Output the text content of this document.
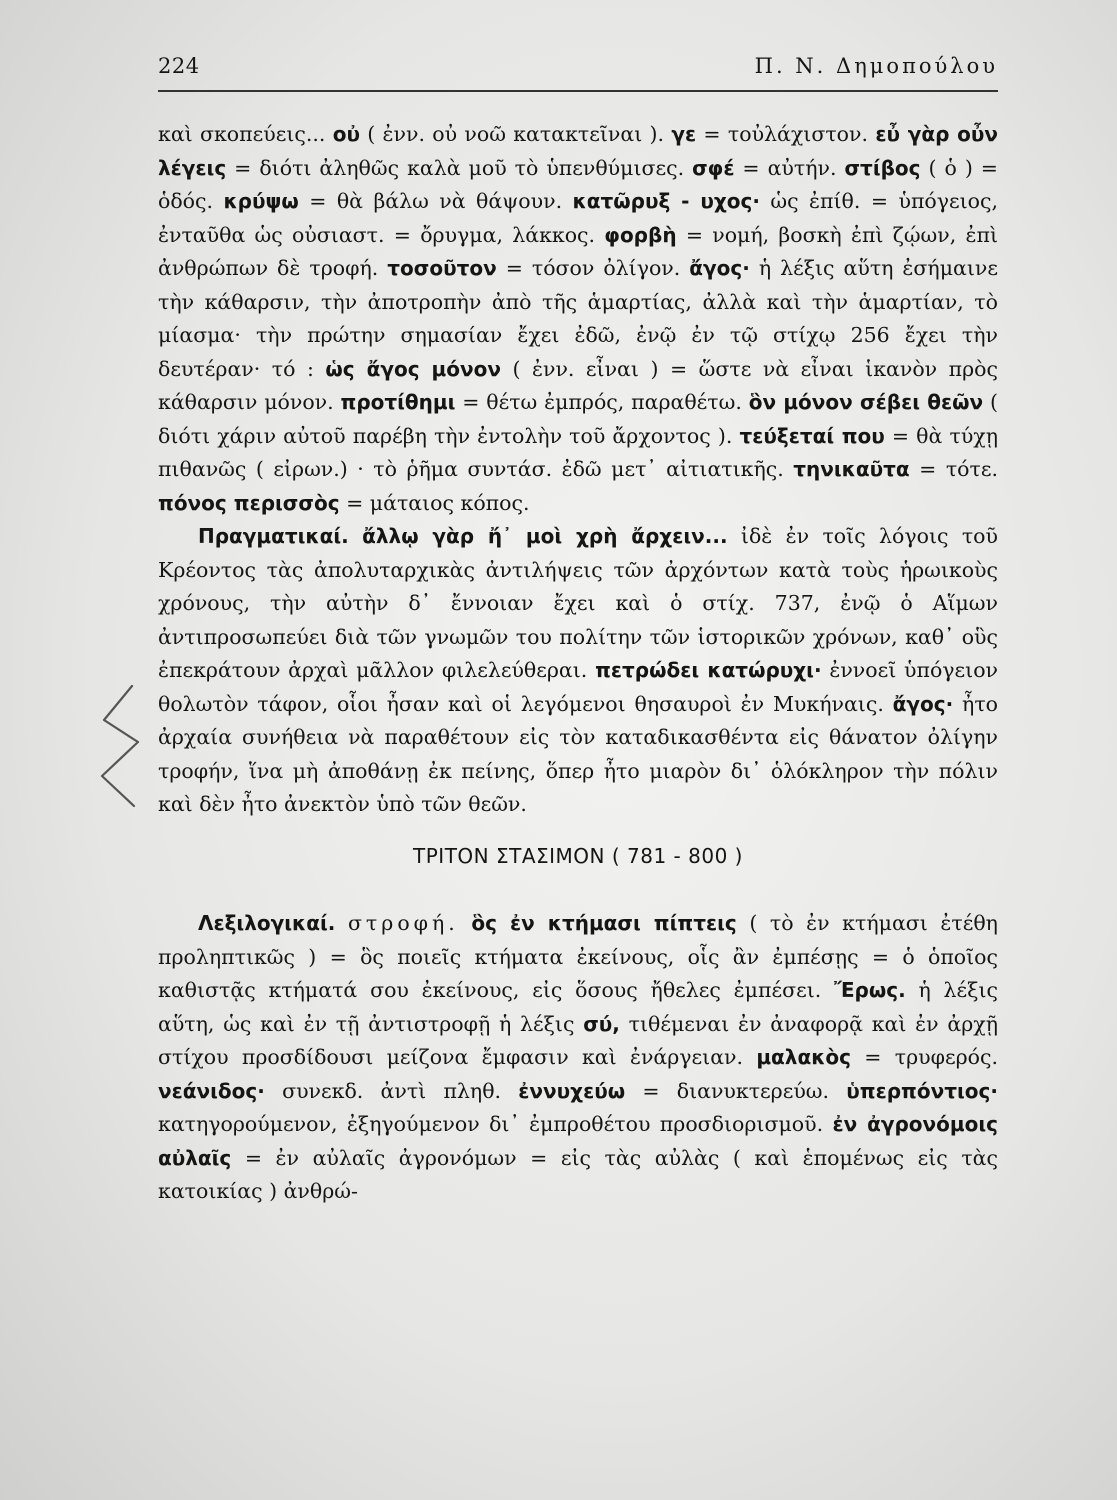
224	Π. Ν. Δημοπούλου

καὶ σκοπεύεις... οὐ ( ἐνν. οὐ νοῶ κατακτεῖναι ). γε = τοὐλάχιστον. εὖ γὰρ οὖν λέγεις = διότι ἀληθῶς καλὰ μοῦ τὸ ὑπενθύμισες. σφέ = αὐτήν. στίβος ( ὁ ) = ὁδός. κρύψω = θὰ βάλω νὰ θάψουν. κατῶρυξ - υχος· ὡς ἐπίθ. = ὑπόγειος, ἐνταῦθα ὡς οὐσιαστ. = ὄρυγμα, λάκκος. φορβὴ = νομή, βοσκὴ ἐπὶ ζῴων, ἐπὶ ἀνθρώπων δὲ τροφή. τοσοῦτον = τόσον ὀλίγον. ἄγος· ἡ λέξις αὕτη ἐσήμαινε τὴν κάθαρσιν, τὴν ἀποτροπὴν ἀπὸ τῆς ἁμαρτίας, ἀλλὰ καὶ τὴν ἁμαρτίαν, τὸ μίασμα· τὴν πρώτην σημασίαν ἔχει ἐδῶ, ἐνῷ ἐν τῷ στίχῳ 256 ἔχει τὴν δευτέραν· τό : ὡς ἄγος μόνον ( ἐνν. εἶναι ) = ὥστε νὰ εἶναι ἱκανὸν πρὸς κάθαρσιν μόνον. προτίθημι = θέτω ἐμπρός, παραθέτω. ὃν μόνον σέβει θεῶν ( διότι χάριν αὐτοῦ παρέβη τὴν ἐντολὴν τοῦ ἄρχοντος ). τεύξεταί που = θὰ τύχῃ πιθανῶς ( εἰρων.) · τὸ ῥῆμα συντάσ. ἐδῶ μετ᾿ αἰτιατικῆς. τηνικαῦτα = τότε. πόνος περισσὸς = μάταιος κόπος.

Πραγματικαί. ἄλλῳ γὰρ ἤ᾿ μοὶ χρὴ ἄρχειν... ἰδὲ ἐν τοῖς λόγοις τοῦ Κρέοντος τὰς ἀπολυταρχικὰς ἀντιλήψεις τῶν ἀρχόντων κατὰ τοὺς ἡρωικοὺς χρόνους, τὴν αὐτὴν δ᾿ ἔννοιαν ἔχει καὶ ὁ στίχ. 737, ἐνῷ ὁ Αἵμων ἀντιπροσωπεύει διὰ τῶν γνωμῶν του πολίτην τῶν ἱστορικῶν χρόνων, καθ᾿ οὓς ἐπεκράτουν ἀρχαὶ μᾶλλον φιλελεύθεραι. πετρώδει κατώρυχι· ἐννοεῖ ὑπόγειον θολωτὸν τάφον, οἷοι ἦσαν καὶ οἱ λεγόμενοι θησαυροὶ ἐν Μυκήναις. ἄγος· ἦτο ἀρχαία συνήθεια νὰ παραθέτουν εἰς τὸν καταδικασθέντα εἰς θάνατον ὀλίγην τροφήν, ἵνα μὴ ἀποθάνῃ ἐκ πείνης, ὅπερ ἦτο μιαρὸν δι᾿ ὁλόκληρον τὴν πόλιν καὶ δὲν ἦτο ἀνεκτὸν ὑπὸ τῶν θεῶν.

ΤΡΙΤΟΝ ΣΤΑΣΙΜΟΝ ( 781 - 800 )

Λεξιλογικαί. στροφή. ὃς ἐν κτήμασι πίπτεις ( τὸ ἐν κτήμασι ἐτέθη προληπτικῶς ) = ὃς ποιεῖς κτήματα ἐκείνους, οἷς ἂν ἐμπέσῃς = ὁ ὁποῖος καθιστᾷς κτήματά σου ἐκείνους, εἰς ὅσους ἤθελες ἐμπέσει. Ἔρως. ἡ λέξις αὕτη, ὡς καὶ ἐν τῇ ἀντιστροφῇ ἡ λέξις σύ, τιθέμεναι ἐν ἀναφορᾷ καὶ ἐν ἀρχῇ στίχου προσδίδουσι μείζονα ἔμφασιν καὶ ἐνάργειαν. μαλακὸς = τρυφερός. νεάνιδος· συνεκδ. ἀντὶ πληθ. ἐννυχεύω = διανυκτερεύω. ὑπερπόντιος· κατηγορούμενον, ἐξηγούμενον δι᾿ ἐμπροθέτου προσδιορισμοῦ. ἐν ἀγρονόμοις αὐλαῖς = ἐν αὐλαῖς ἀγρονόμων = εἰς τὰς αὐλὰς ( καὶ ἑπομένως εἰς τὰς κατοικίας ) ἀνθρώ-
